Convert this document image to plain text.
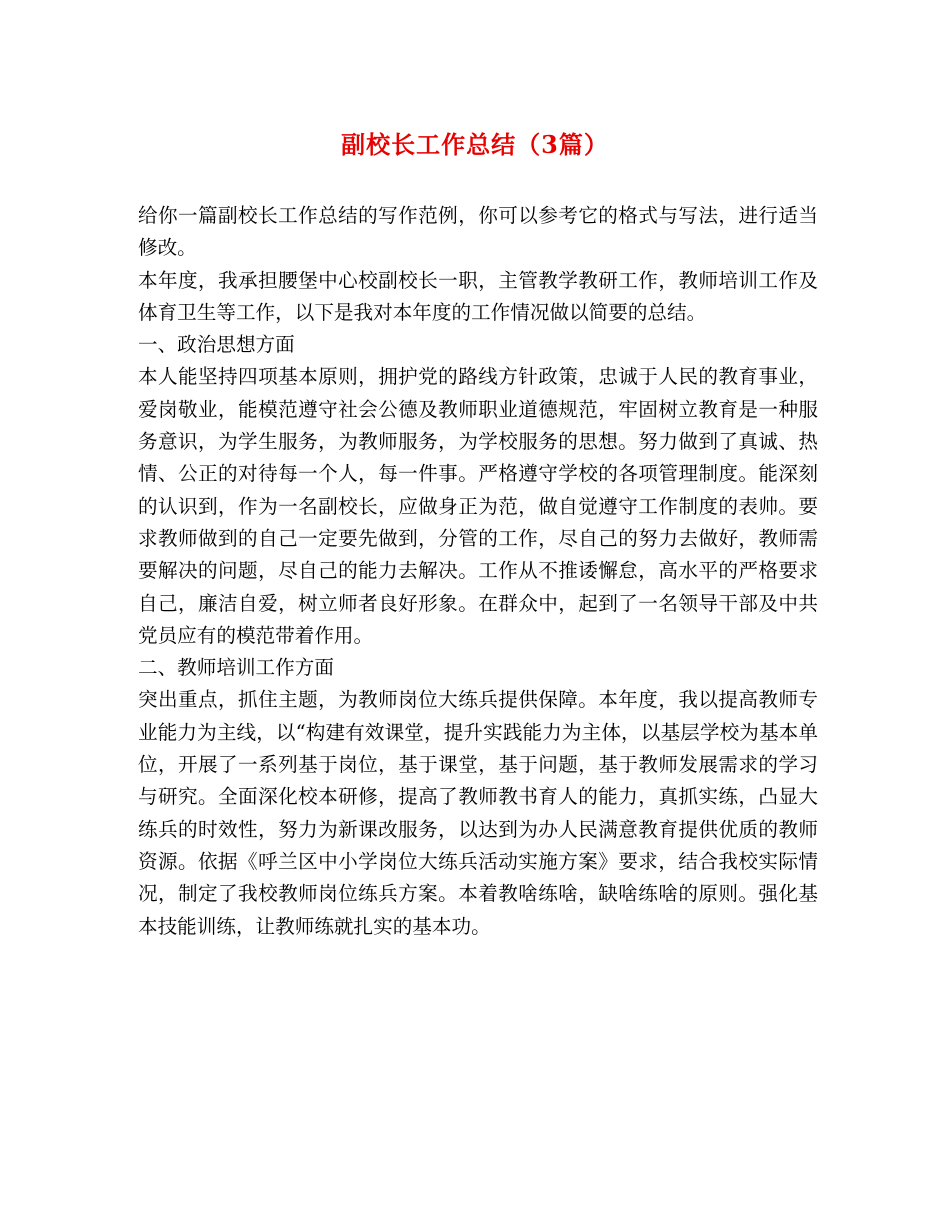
副校长工作总结（3篇）

给你一篇副校长工作总结的写作范例，你可以参考它的格式与写法，进行适当修改。

本年度，我承担腰堡中心校副校长一职，主管教学教研工作，教师培训工作及体育卫生等工作，以下是我对本年度的工作情况做以简要的总结。

一、政治思想方面

本人能坚持四项基本原则，拥护党的路线方针政策，忠诚于人民的教育事业，爱岗敬业，能模范遵守社会公德及教师职业道德规范，牢固树立教育是一种服务意识，为学生服务，为教师服务，为学校服务的思想。努力做到了真诚、热情、公正的对待每一个人，每一件事。严格遵守学校的各项管理制度。能深刻的认识到，作为一名副校长，应做身正为范，做自觉遵守工作制度的表帅。要求教师做到的自己一定要先做到，分管的工作，尽自己的努力去做好，教师需要解决的问题，尽自己的能力去解决。工作从不推诿懈怠，高水平的严格要求自己，廉洁自爱，树立师者良好形象。在群众中，起到了一名领导干部及中共党员应有的模范带着作用。

二、教师培训工作方面

突出重点，抓住主题，为教师岗位大练兵提供保障。本年度，我以提高教师专业能力为主线，以“构建有效课堂，提升实践能力为主体，以基层学校为基本单位，开展了一系列基于岗位，基于课堂，基于问题，基于教师发展需求的学习与研究。全面深化校本研修，提高了教师教书育人的能力，真抓实练，凸显大练兵的时效性，努力为新课改服务，以达到为办人民满意教育提供优质的教师资源。依据《呼兰区中小学岗位大练兵活动实施方案》要求，结合我校实际情况，制定了我校教师岗位练兵方案。本着教啥练啥，缺啥练啥的原则。强化基本技能训练，让教师练就扎实的基本功。
